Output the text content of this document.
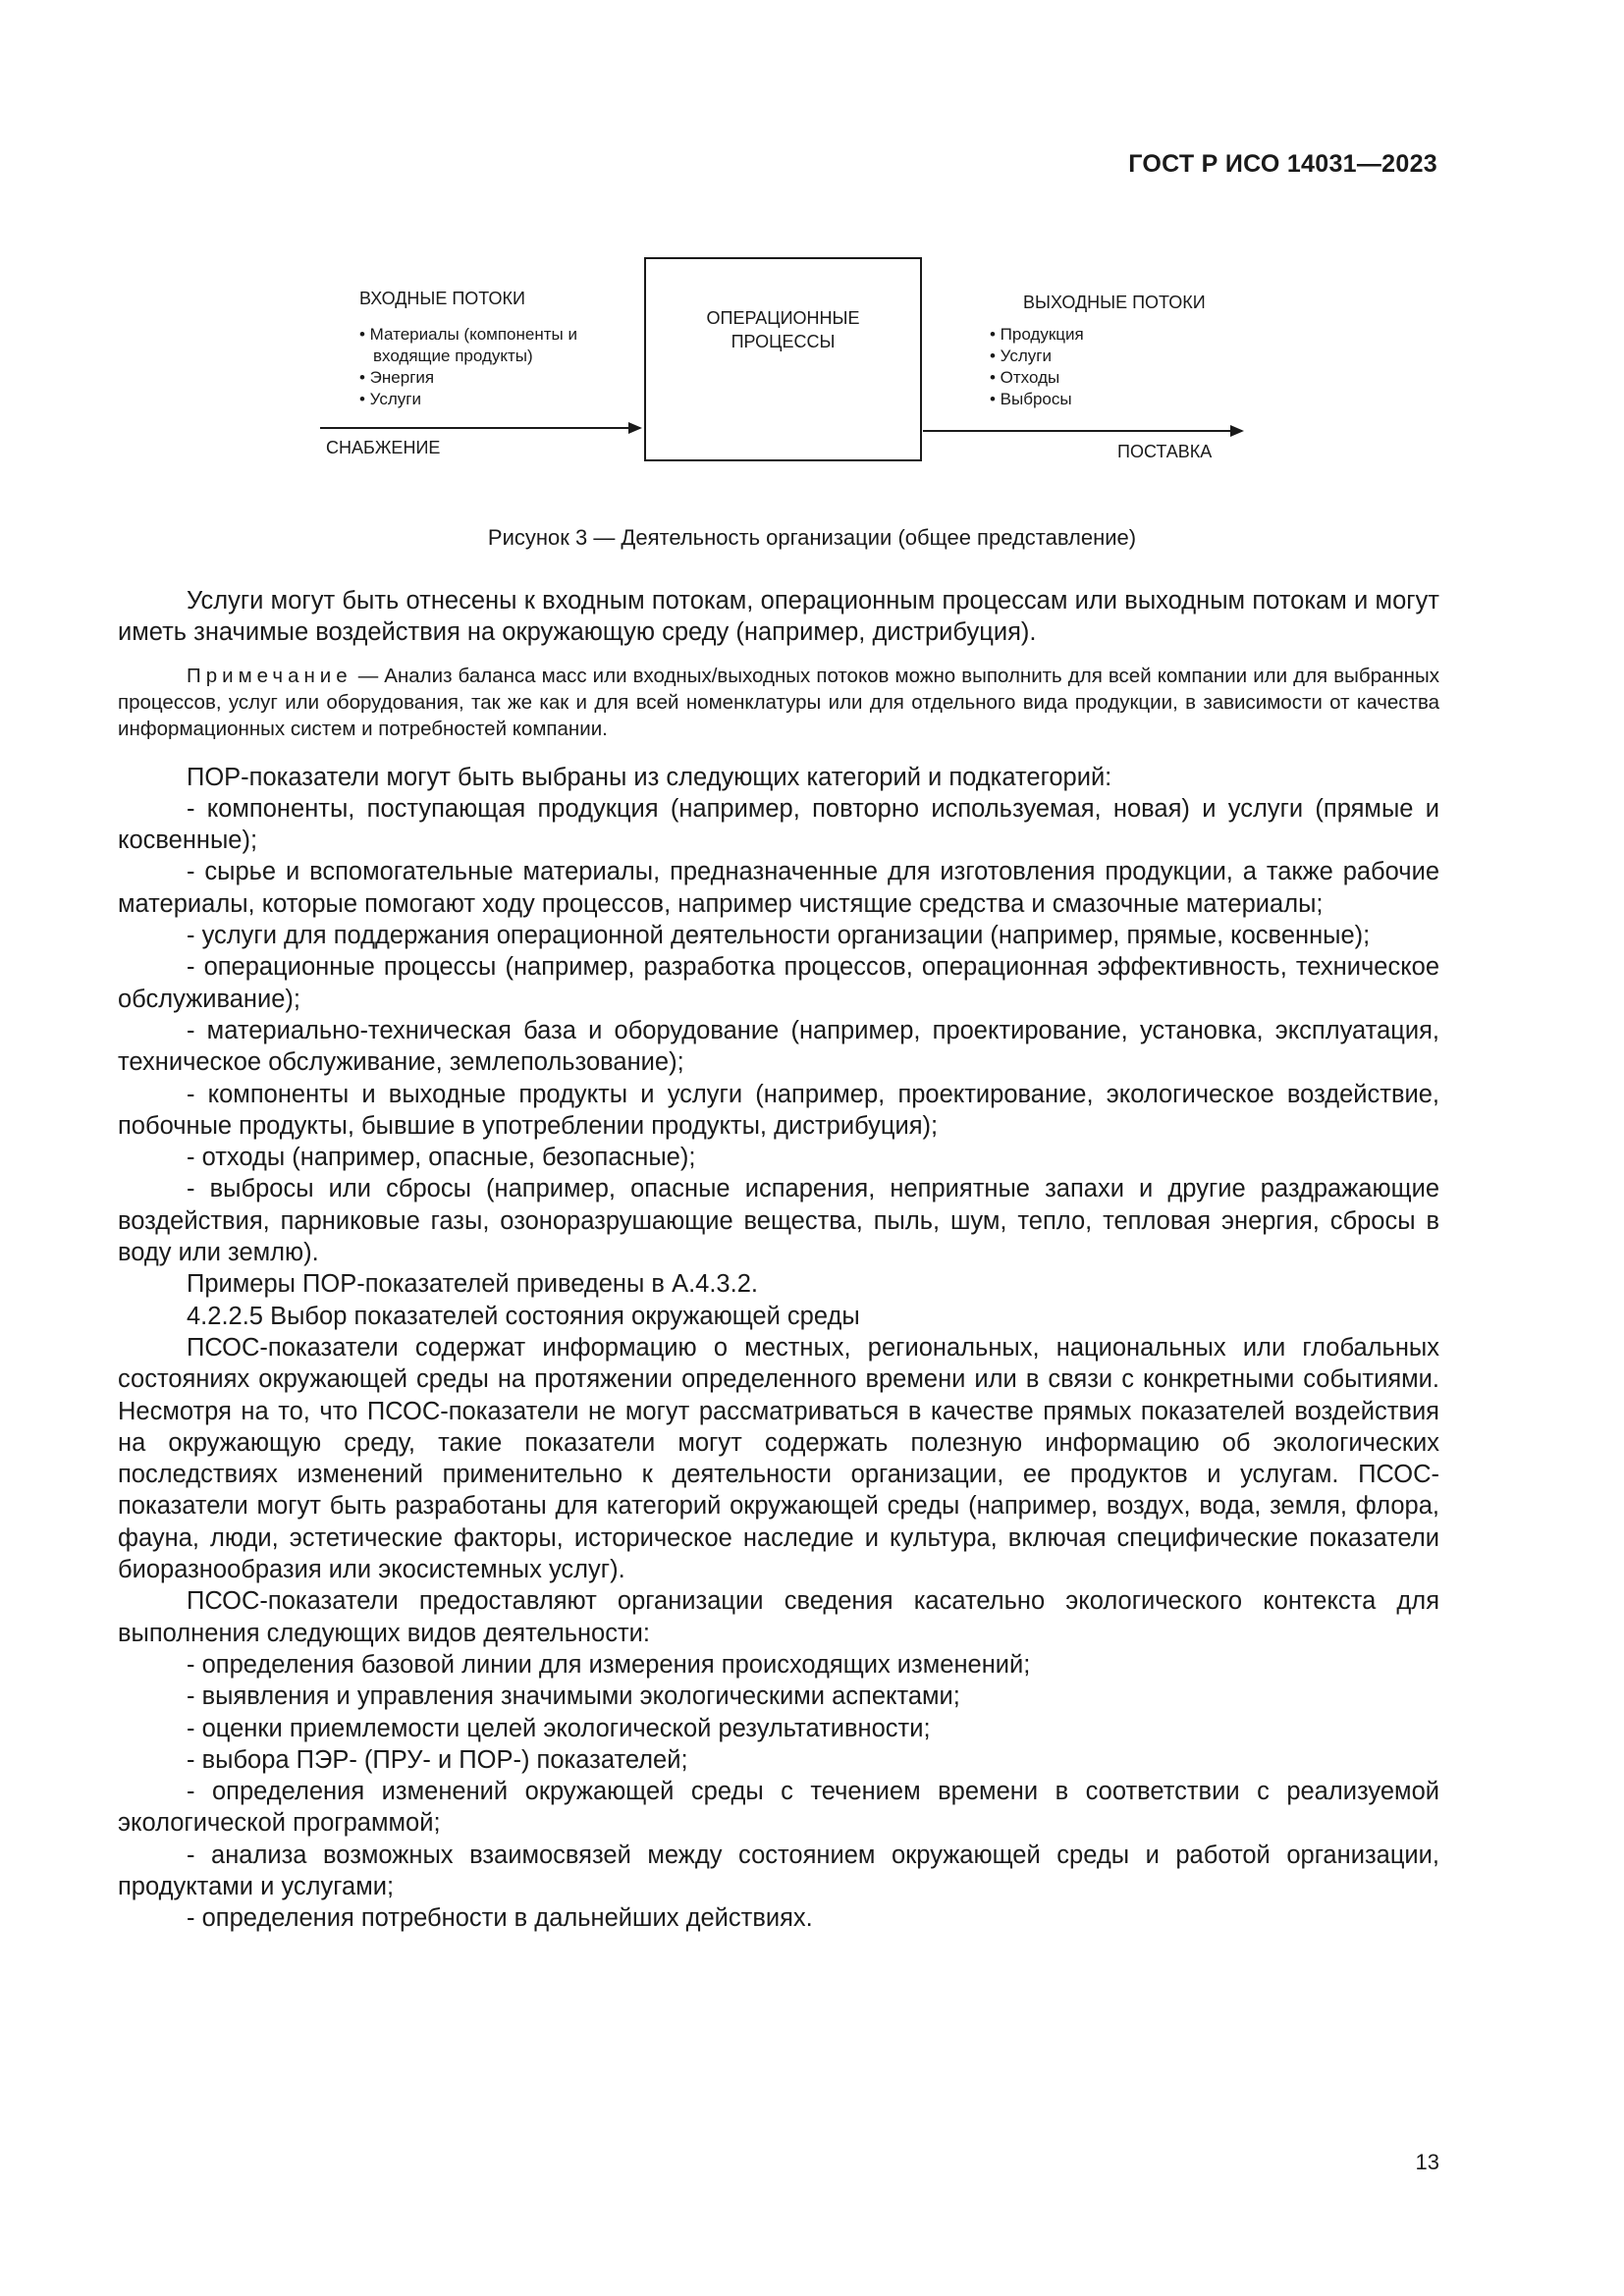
ГОСТ Р ИСО 14031—2023
ВХОДНЫЕ ПОТОКИ
• Материалы (компоненты и
входящие продукты)
• Энергия
• Услуги
СНАБЖЕНИЕ
ОПЕРАЦИОННЫЕ
ПРОЦЕССЫ
ВЫХОДНЫЕ ПОТОКИ
• Продукция
• Услуги
• Отходы
• Выбросы
ПОСТАВКА
Рисунок 3 — Деятельность организации (общее представление)

Услуги могут быть отнесены к входным потокам, операционным процессам или выходным потокам и могут иметь значимые воздействия на окружающую среду (например, дистрибуция).

Примечание — Анализ баланса масс или входных/выходных потоков можно выполнить для всей компании или для выбранных процессов, услуг или оборудования, так же как и для всей номенклатуры или для отдельного вида продукции, в зависимости от качества информационных систем и потребностей компании.

ПОР-показатели могут быть выбраны из следующих категорий и подкатегорий:

- компоненты, поступающая продукция (например, повторно используемая, новая) и услуги (прямые и косвенные);

- сырье и вспомогательные материалы, предназначенные для изготовления продукции, а также рабочие материалы, которые помогают ходу процессов, например чистящие средства и смазочные материалы;

- услуги для поддержания операционной деятельности организации (например, прямые, косвенные);

- операционные процессы (например, разработка процессов, операционная эффективность, техническое обслуживание);

- материально-техническая база и оборудование (например, проектирование, установка, эксплуатация, техническое обслуживание, землепользование);

- компоненты и выходные продукты и услуги (например, проектирование, экологическое воздействие, побочные продукты, бывшие в употреблении продукты, дистрибуция);

- отходы (например, опасные, безопасные);

- выбросы или сбросы (например, опасные испарения, неприятные запахи и другие раздражающие воздействия, парниковые газы, озоноразрушающие вещества, пыль, шум, тепло, тепловая энергия, сбросы в воду или землю).

Примеры ПОР-показателей приведены в А.4.3.2.

4.2.2.5 Выбор показателей состояния окружающей среды

ПСОС-показатели содержат информацию о местных, региональных, национальных или глобальных состояниях окружающей среды на протяжении определенного времени или в связи с конкретными событиями. Несмотря на то, что ПСОС-показатели не могут рассматриваться в качестве прямых показателей воздействия на окружающую среду, такие показатели могут содержать полезную информацию об экологических последствиях изменений применительно к деятельности организации, ее продуктов и услугам. ПСОС-показатели могут быть разработаны для категорий окружающей среды (например, воздух, вода, земля, флора, фауна, люди, эстетические факторы, историческое наследие и культура, включая специфические показатели биоразнообразия или экосистемных услуг).

ПСОС-показатели предоставляют организации сведения касательно экологического контекста для выполнения следующих видов деятельности:

- определения базовой линии для измерения происходящих изменений;

- выявления и управления значимыми экологическими аспектами;

- оценки приемлемости целей экологической результативности;

- выбора ПЭР- (ПРУ- и ПОР-) показателей;

- определения изменений окружающей среды с течением времени в соответствии с реализуемой экологической программой;

- анализа возможных взаимосвязей между состоянием окружающей среды и работой организации, продуктами и услугами;

- определения потребности в дальнейших действиях.

13
